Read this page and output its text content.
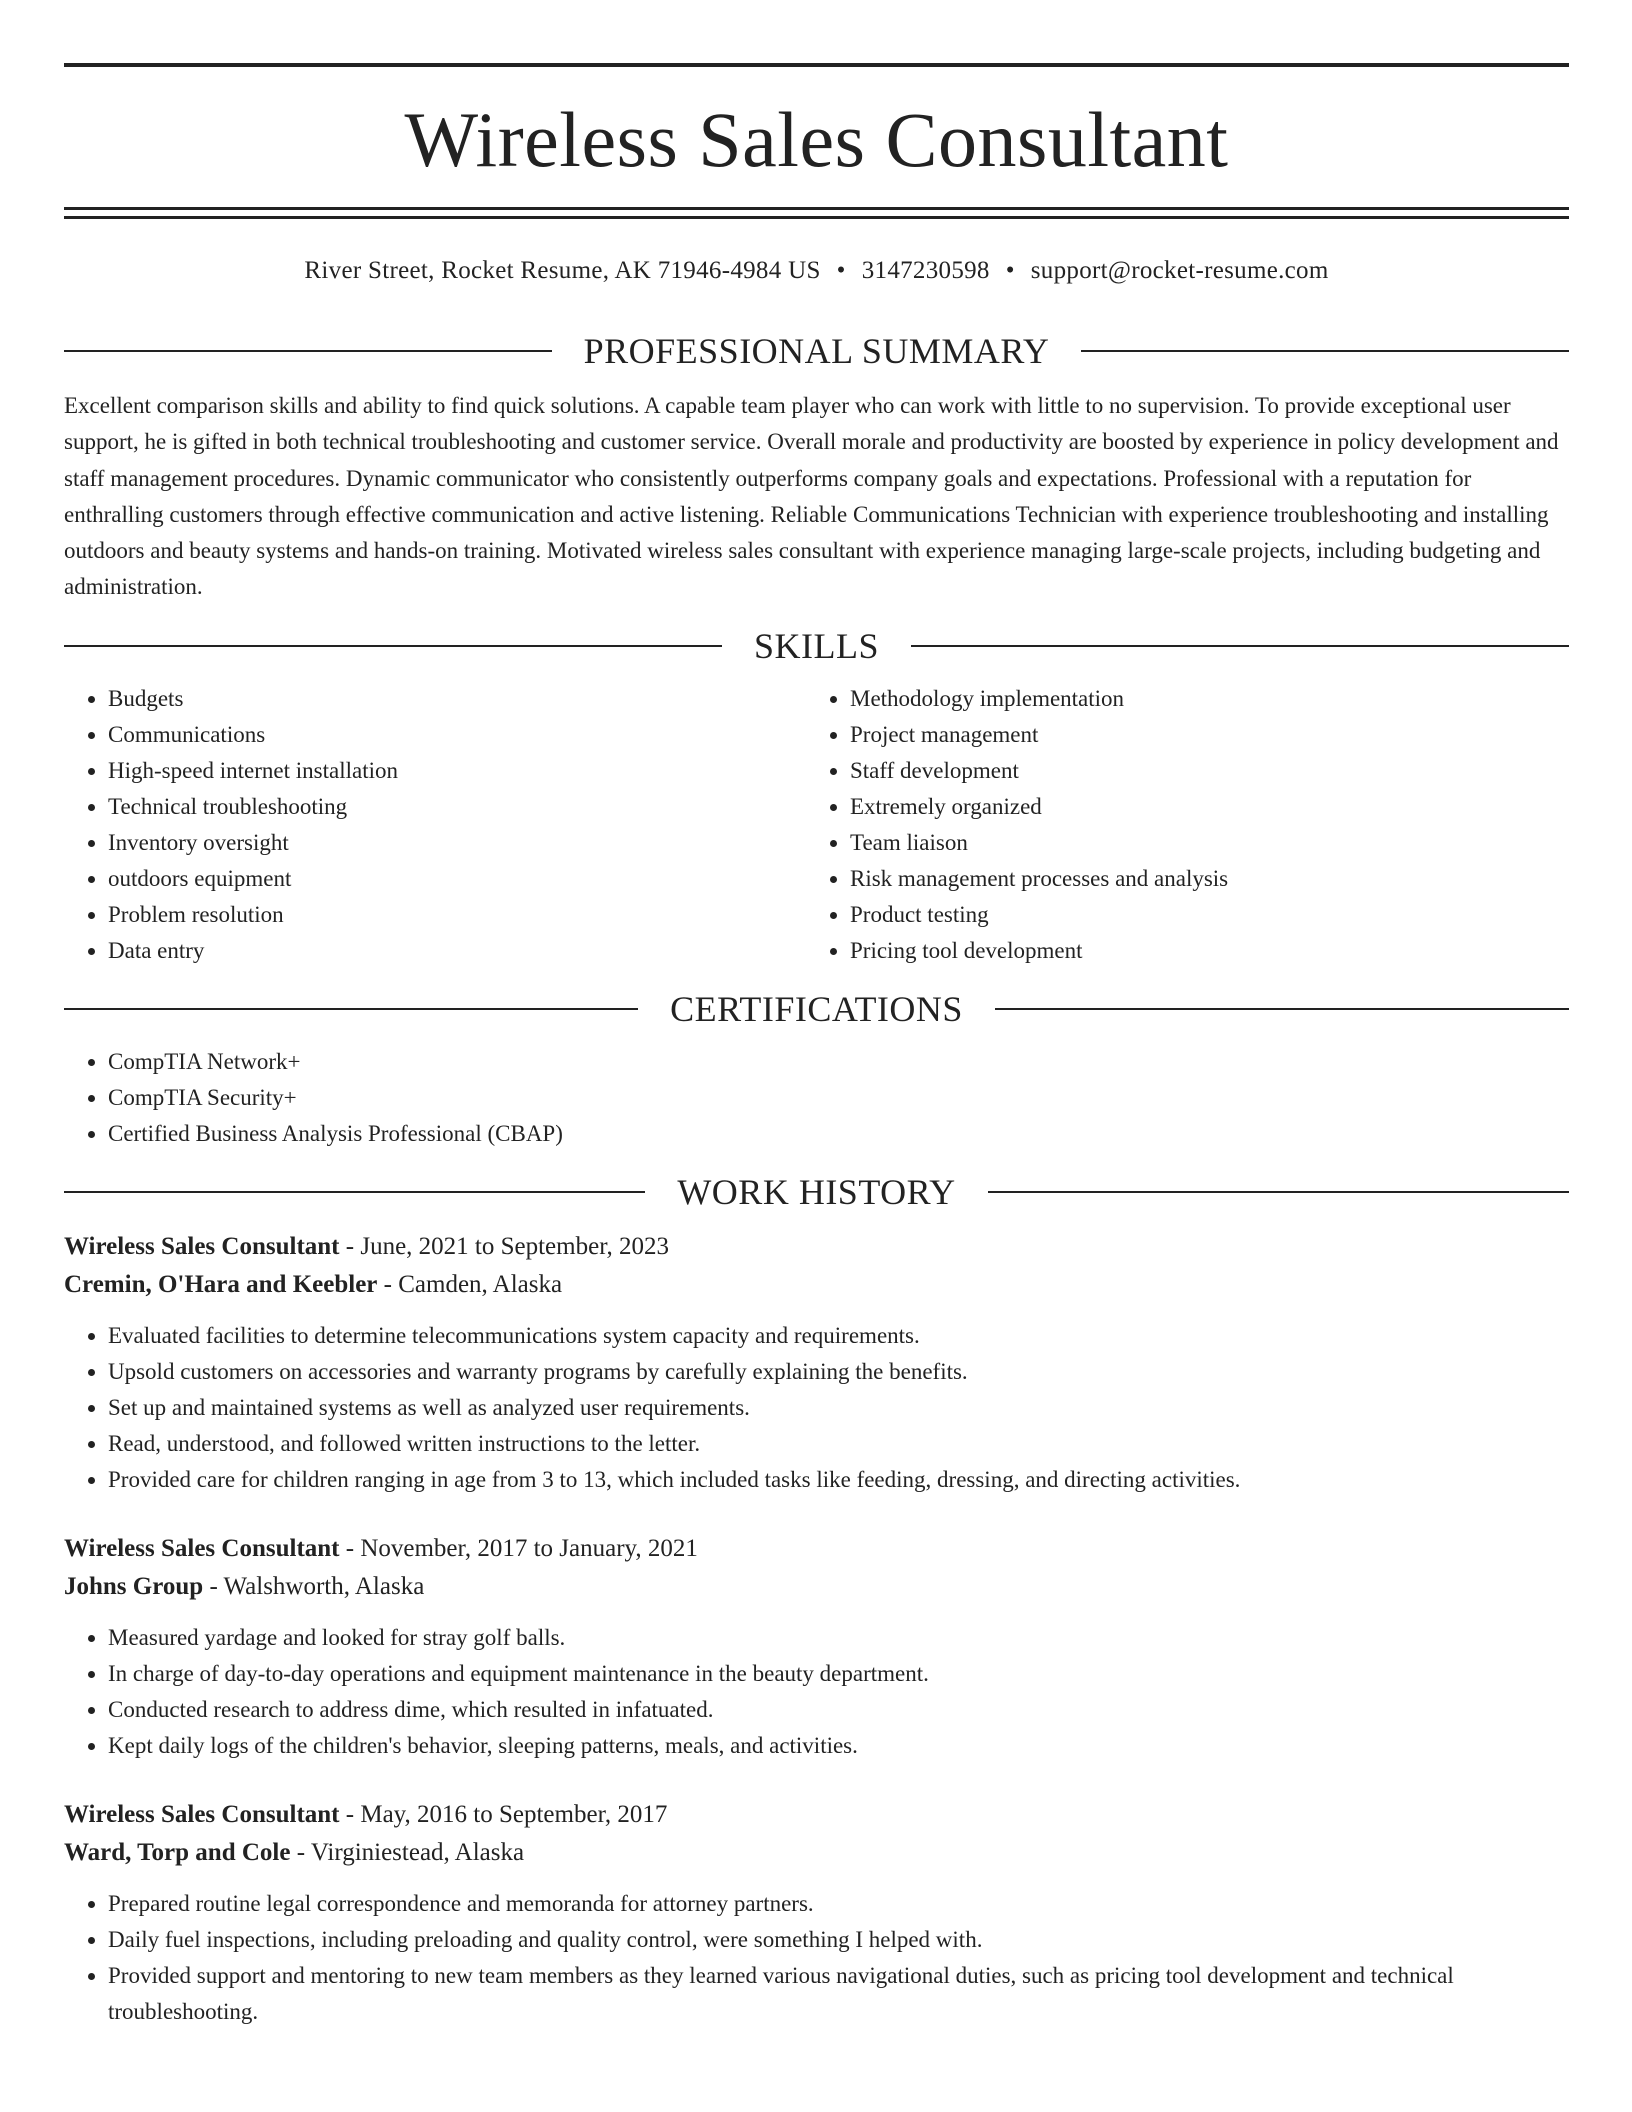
Wireless Sales Consultant
River Street, Rocket Resume, AK 71946-4984 US • 3147230598 • support@rocket-resume.com
PROFESSIONAL SUMMARY

Excellent comparison skills and ability to find quick solutions. A capable team player who can work with little to no supervision. To provide exceptional user support, he is gifted in both technical troubleshooting and customer service. Overall morale and productivity are boosted by experience in policy development and staff management procedures. Dynamic communicator who consistently outperforms company goals and expectations. Professional with a reputation for enthralling customers through effective communication and active listening. Reliable Communications Technician with experience troubleshooting and installing outdoors and beauty systems and hands-on training. Motivated wireless sales consultant with experience managing large-scale projects, including budgeting and administration.

SKILLS
• Budgets
• Communications
• High-speed internet installation
• Technical troubleshooting
• Inventory oversight
• outdoors equipment
• Problem resolution
• Data entry
• Methodology implementation
• Project management
• Staff development
• Extremely organized
• Team liaison
• Risk management processes and analysis
• Product testing
• Pricing tool development
CERTIFICATIONS
• CompTIA Network+
• CompTIA Security+
• Certified Business Analysis Professional (CBAP)
WORK HISTORY
Wireless Sales Consultant - June, 2021 to September, 2023
Cremin, O'Hara and Keebler - Camden, Alaska
• Evaluated facilities to determine telecommunications system capacity and requirements.
• Upsold customers on accessories and warranty programs by carefully explaining the benefits.
• Set up and maintained systems as well as analyzed user requirements.
• Read, understood, and followed written instructions to the letter.
• Provided care for children ranging in age from 3 to 13, which included tasks like feeding, dressing, and directing activities.
Wireless Sales Consultant - November, 2017 to January, 2021
Johns Group - Walshworth, Alaska
• Measured yardage and looked for stray golf balls.
• In charge of day-to-day operations and equipment maintenance in the beauty department.
• Conducted research to address dime, which resulted in infatuated.
• Kept daily logs of the children's behavior, sleeping patterns, meals, and activities.
Wireless Sales Consultant - May, 2016 to September, 2017
Ward, Torp and Cole - Virginiestead, Alaska
• Prepared routine legal correspondence and memoranda for attorney partners.
• Daily fuel inspections, including preloading and quality control, were something I helped with.
• Provided support and mentoring to new team members as they learned various navigational duties, such as pricing tool development and technical troubleshooting.
